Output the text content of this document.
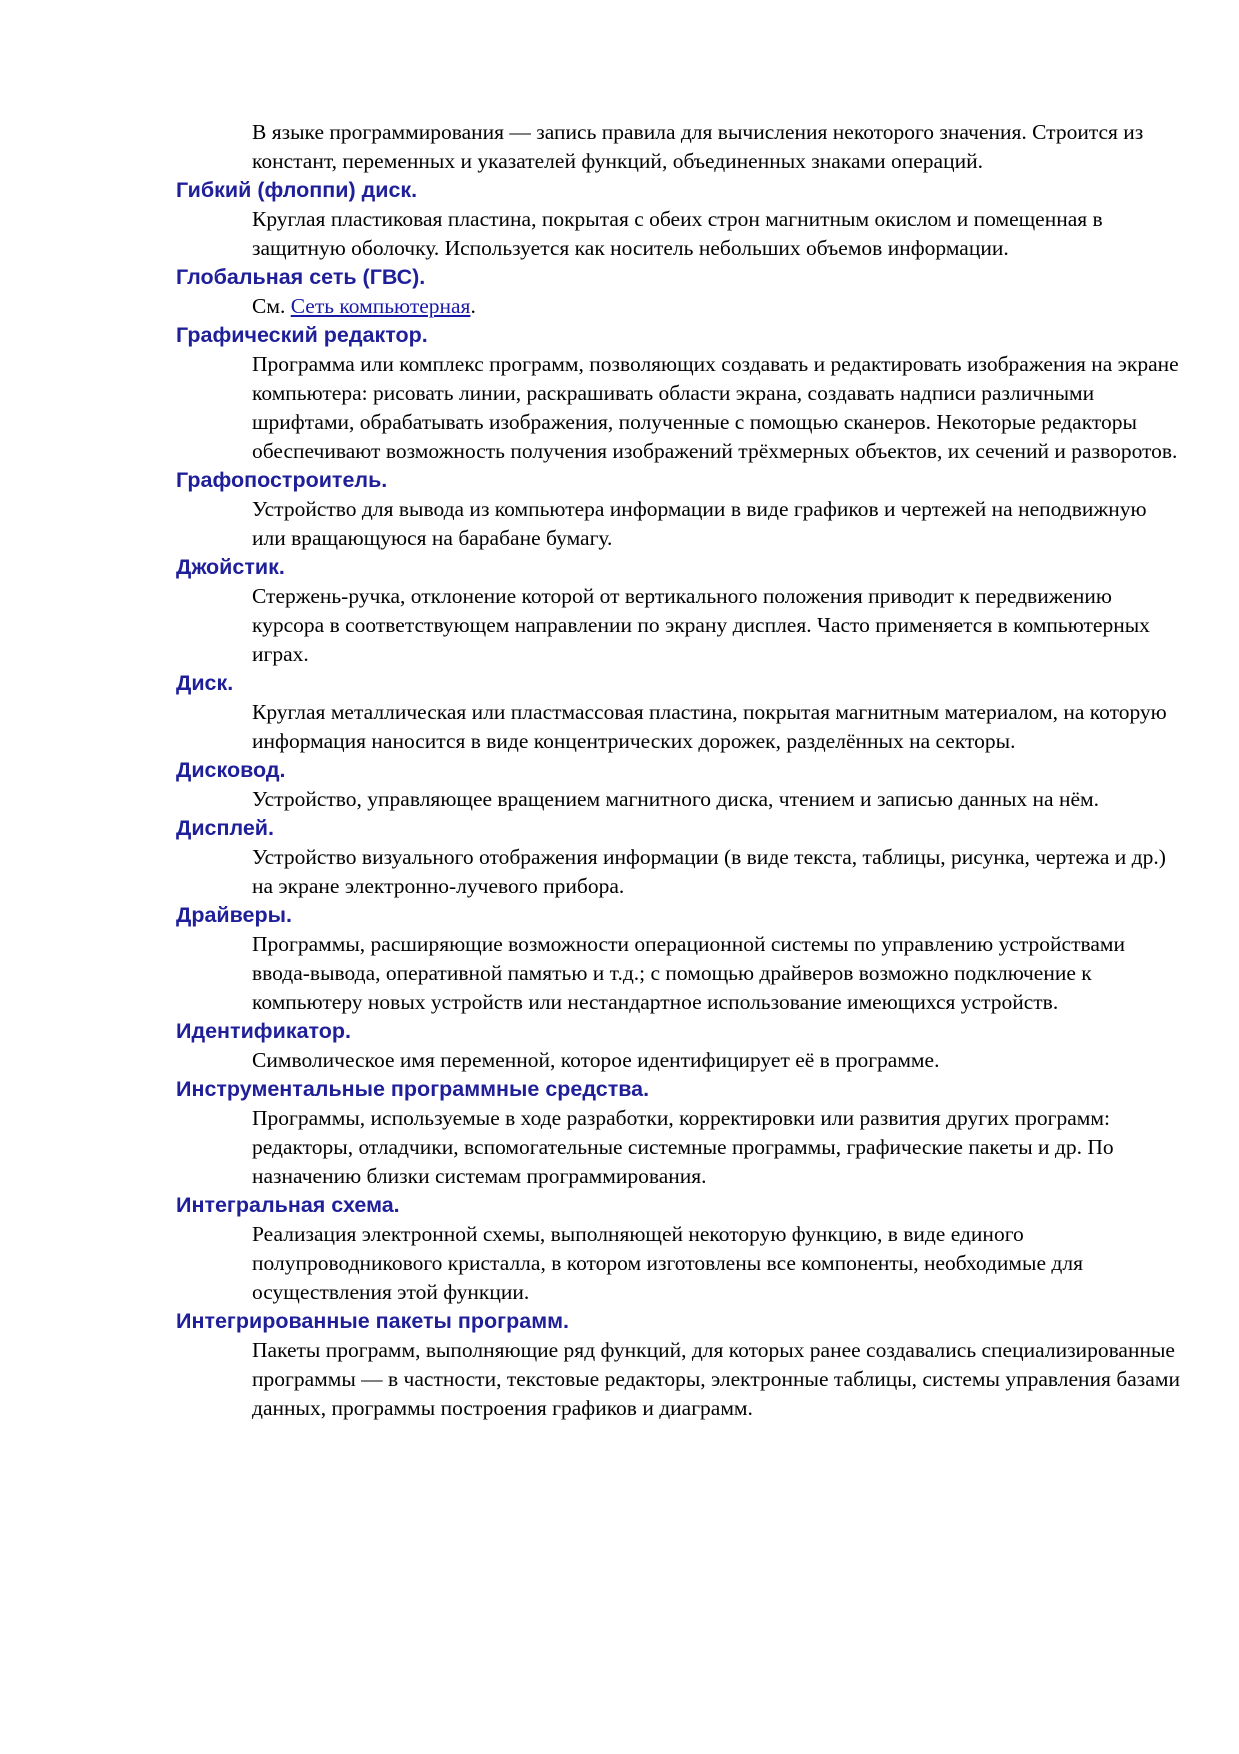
В языке программирования — запись правила для вычисления некоторого значения. Строится из констант, переменных и указателей функций, объединенных знаками операций.

Гибкий (флоппи) диск.

Круглая пластиковая пластина, покрытая с обеих строн магнитным окислом и помещенная в защитную оболочку. Используется как носитель небольших объемов информации.

Глобальная сеть (ГВС).

См. Сеть компьютерная.

Графический редактор.

Программа или комплекс программ, позволяющих создавать и редактировать изображения на экране компьютера: рисовать линии, раскрашивать области экрана, создавать надписи различными шрифтами, обрабатывать изображения, полученные с помощью сканеров. Некоторые редакторы обеспечивают возможность получения изображений трёхмерных объектов, их сечений и разворотов.

Графопостроитель.

Устройство для вывода из компьютера информации в виде графиков и чертежей на неподвижную или вращающуюся на барабане бумагу.

Джойстик.

Стержень-ручка, отклонение которой от вертикального положения приводит к передвижению курсора в соответствующем направлении по экрану дисплея. Часто применяется в компьютерных играх.

Диск.

Круглая металлическая или пластмассовая пластина, покрытая магнитным материалом, на которую информация наносится в виде концентрических дорожек, разделённых на секторы.

Дисковод.

Устройство, управляющее вращением магнитного диска, чтением и записью данных на нём.

Дисплей.

Устройство визуального отображения информации (в виде текста, таблицы, рисунка, чертежа и др.) на экране электронно-лучевого прибора.

Драйверы.

Программы, расширяющие возможности операционной системы по управлению устройствами ввода-вывода, оперативной памятью и т.д.; с помощью драйверов возможно подключение к компьютеру новых устройств или нестандартное использование имеющихся устройств.

Идентификатор.

Символическое имя переменной, которое идентифицирует её в программе.

Инструментальные программные средства.

Программы, используемые в ходе разработки, корректировки или развития других программ: редакторы, отладчики, вспомогательные системные программы, графические пакеты и др. По назначению близки системам программирования.

Интегральная схема.

Реализация электронной схемы, выполняющей некоторую функцию, в виде единого полупроводникового кристалла, в котором изготовлены все компоненты, необходимые для осуществления этой функции.

Интегрированные пакеты программ.

Пакеты программ, выполняющие ряд функций, для которых ранее создавались специализированные программы — в частности, текстовые редакторы, электронные таблицы, системы управления базами данных, программы построения графиков и диаграмм.
